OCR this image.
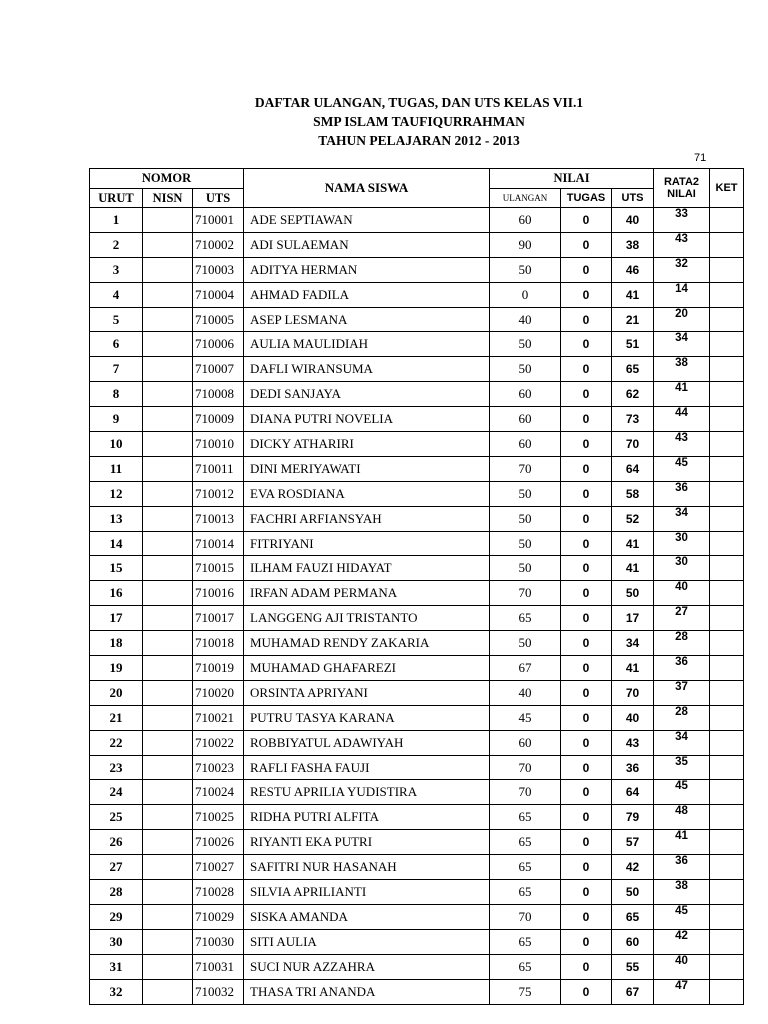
DAFTAR ULANGAN, TUGAS, DAN UTS KELAS VII.1
SMP ISLAM TAUFIQURRAHMAN
TAHUN PELAJARAN 2012 - 2013
71
NOMOR			NAMA SISWA	NILAI			RATA2
NILAI	KET
URUT	NISN	UTS		ULANGAN	TUGAS	UTS		
1		710001	ADE SEPTIAWAN	60	0	40	33	
2		710002	ADI SULAEMAN	90	0	38	43	
3		710003	ADITYA HERMAN	50	0	46	32	
4		710004	AHMAD FADILA	0	0	41	14	
5		710005	ASEP LESMANA	40	0	21	20	
6		710006	AULIA MAULIDIAH	50	0	51	34	
7		710007	DAFLI WIRANSUMA	50	0	65	38	
8		710008	DEDI SANJAYA	60	0	62	41	
9		710009	DIANA PUTRI NOVELIA	60	0	73	44	
10		710010	DICKY ATHARIRI	60	0	70	43	
11		710011	DINI MERIYAWATI	70	0	64	45	
12		710012	EVA ROSDIANA	50	0	58	36	
13		710013	FACHRI ARFIANSYAH	50	0	52	34	
14		710014	FITRIYANI	50	0	41	30	
15		710015	ILHAM FAUZI HIDAYAT	50	0	41	30	
16		710016	IRFAN ADAM PERMANA	70	0	50	40	
17		710017	LANGGENG AJI TRISTANTO	65	0	17	27	
18		710018	MUHAMAD RENDY ZAKARIA	50	0	34	28	
19		710019	MUHAMAD GHAFAREZI	67	0	41	36	
20		710020	ORSINTA APRIYANI	40	0	70	37	
21		710021	PUTRU TASYA KARANA	45	0	40	28	
22		710022	ROBBIYATUL ADAWIYAH	60	0	43	34	
23		710023	RAFLI FASHA FAUJI	70	0	36	35	
24		710024	RESTU APRILIA YUDISTIRA	70	0	64	45	
25		710025	RIDHA PUTRI ALFITA	65	0	79	48	
26		710026	RIYANTI EKA PUTRI	65	0	57	41	
27		710027	SAFITRI NUR HASANAH	65	0	42	36	
28		710028	SILVIA APRILIANTI	65	0	50	38	
29		710029	SISKA AMANDA	70	0	65	45	
30		710030	SITI AULIA	65	0	60	42	
31		710031	SUCI NUR AZZAHRA	65	0	55	40	
32		710032	THASA TRI ANANDA	75	0	67	47	
